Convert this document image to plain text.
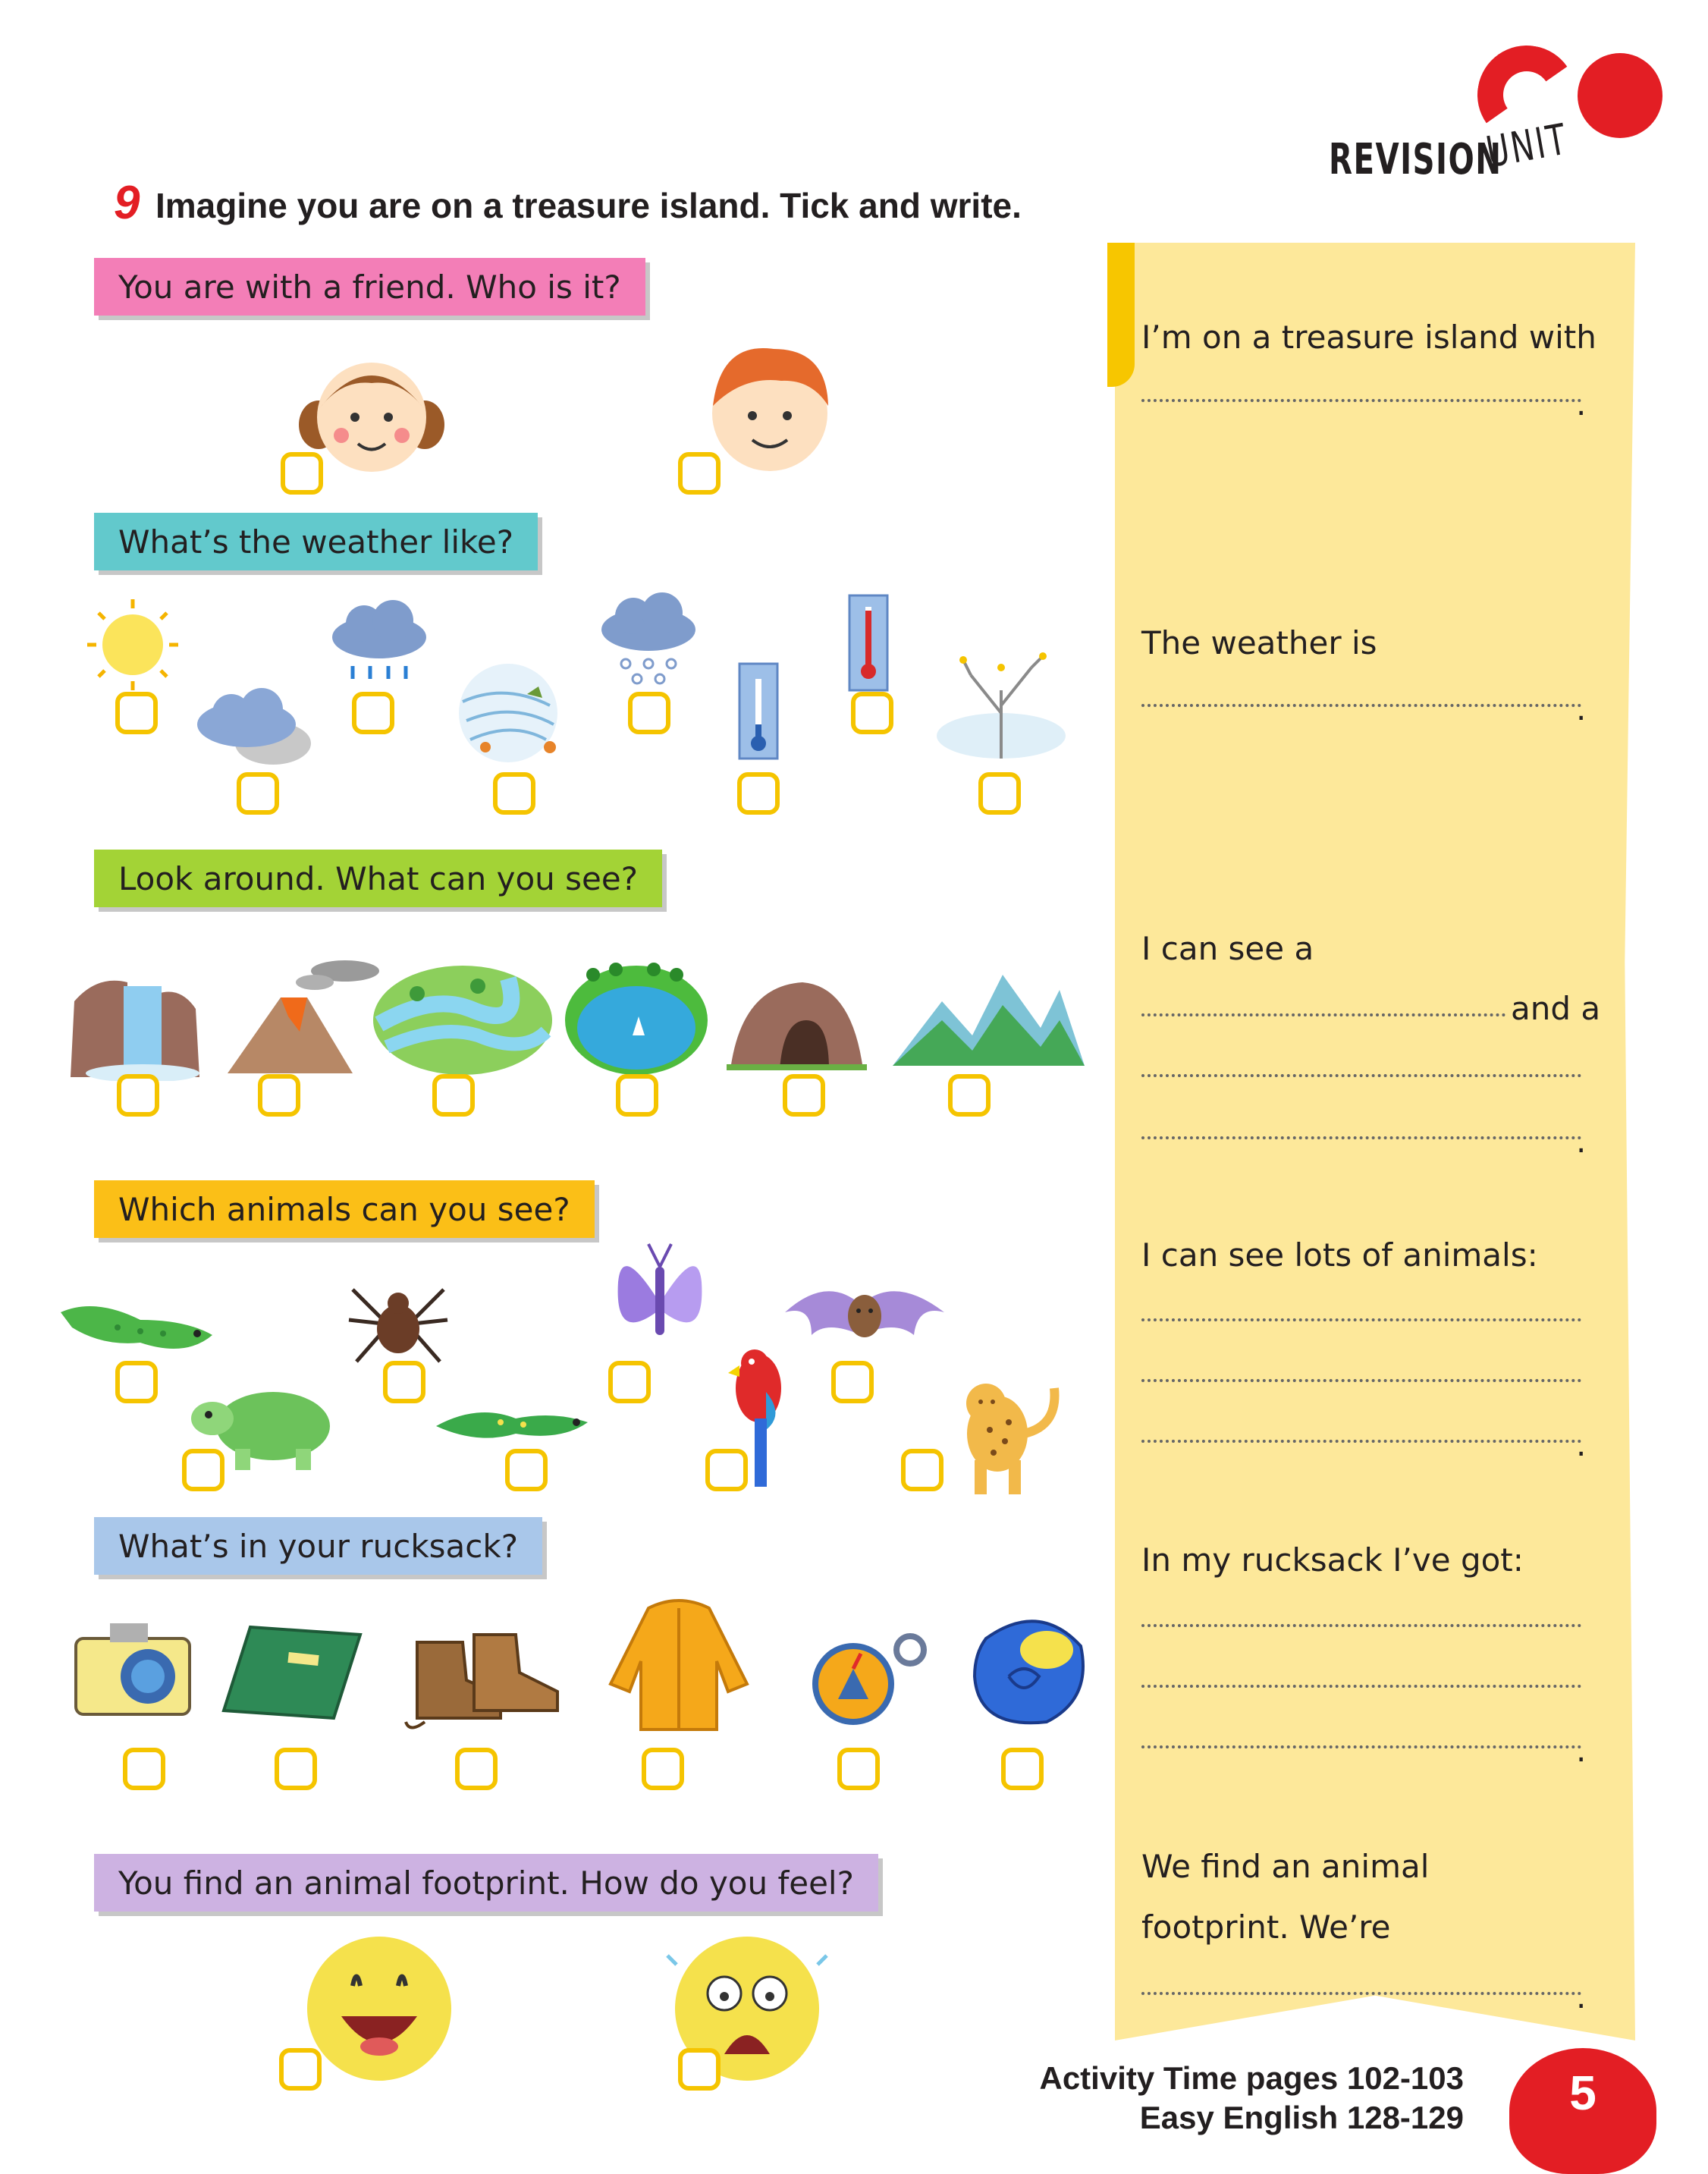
REVISION
UNIT
9 Imagine you are on a treasure island. Tick and write.
You are with a friend. Who is it?
What’s the weather like?
Look around. What can you see?
Which animals can you see?
What’s in your rucksack?
You find an animal footprint. How do you feel?
I’m on a treasure island with
.
The weather is
.
I can see a
and a
.
I can see lots of animals:
.
In my rucksack I’ve got:
.
We find an animal
footprint. We’re
.
Activity Time pages 102-103
Easy English 128-129	5
